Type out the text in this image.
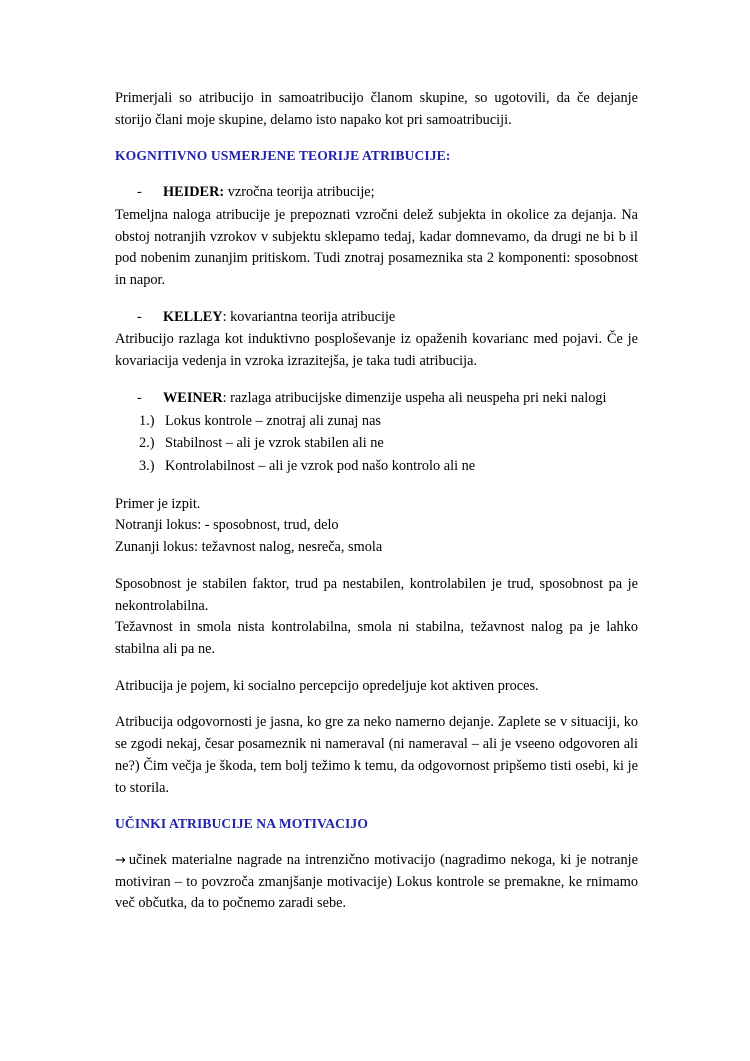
Primerjali so atribucijo in samoatribucijo članom skupine, so ugotovili, da če dejanje storijo člani moje skupine, delamo isto napako kot pri samoatribuciji.

KOGNITIVNO USMERJENE TEORIJE ATRIBUCIJE:

-	HEIDER: vzročna teorija atribucije;

Temeljna naloga atribucije je prepoznati vzročni delež subjekta in okolice za dejanja. Na obstoj notranjih vzrokov v subjektu sklepamo tedaj, kadar domnevamo, da drugi ne bi b il pod nobenim zunanjim pritiskom. Tudi znotraj posameznika sta 2 komponenti: sposobnost in napor.

-	KELLEY: kovariantna teorija atribucije

Atribucijo razlaga kot induktivno posploševanje iz opaženih kovarianc med pojavi. Če je kovariacija vedenja in vzroka izrazitejša, je taka tudi atribucija.

-	WEINER: razlaga atribucijske dimenzije uspeha ali neuspeha pri neki nalogi
1.) Lokus kontrole – znotraj ali zunaj nas
2.) Stabilnost – ali je vzrok stabilen ali ne
3.) Kontrolabilnost – ali je vzrok pod našo kontrolo ali ne

Primer je izpit.

Notranji lokus: - sposobnost, trud, delo

Zunanji lokus: težavnost nalog, nesreča, smola

Sposobnost je stabilen faktor, trud pa nestabilen, kontrolabilen je trud, sposobnost pa je nekontrolabilna.

Težavnost in smola nista kontrolabilna, smola ni stabilna, težavnost nalog pa je lahko stabilna ali pa ne.

Atribucija je pojem, ki socialno percepcijo opredeljuje kot aktiven proces.

Atribucija odgovornosti je jasna, ko gre za neko namerno dejanje. Zaplete se v situaciji, ko se zgodi nekaj, česar posameznik ni nameraval (ni nameraval – ali je vseeno odgovoren ali ne?) Čim večja je škoda, tem bolj težimo k temu, da odgovornost pripšemo tisti osebi, ki je to storila.

UČINKI ATRIBUCIJE NA MOTIVACIJO

→ učinek materialne nagrade na intrenzično motivacijo (nagradimo nekoga, ki je notranje motiviran – to povzroča zmanjšanje motivacije) Lokus kontrole se premakne, ke rnimamo več občutka, da to počnemo zaradi sebe.
